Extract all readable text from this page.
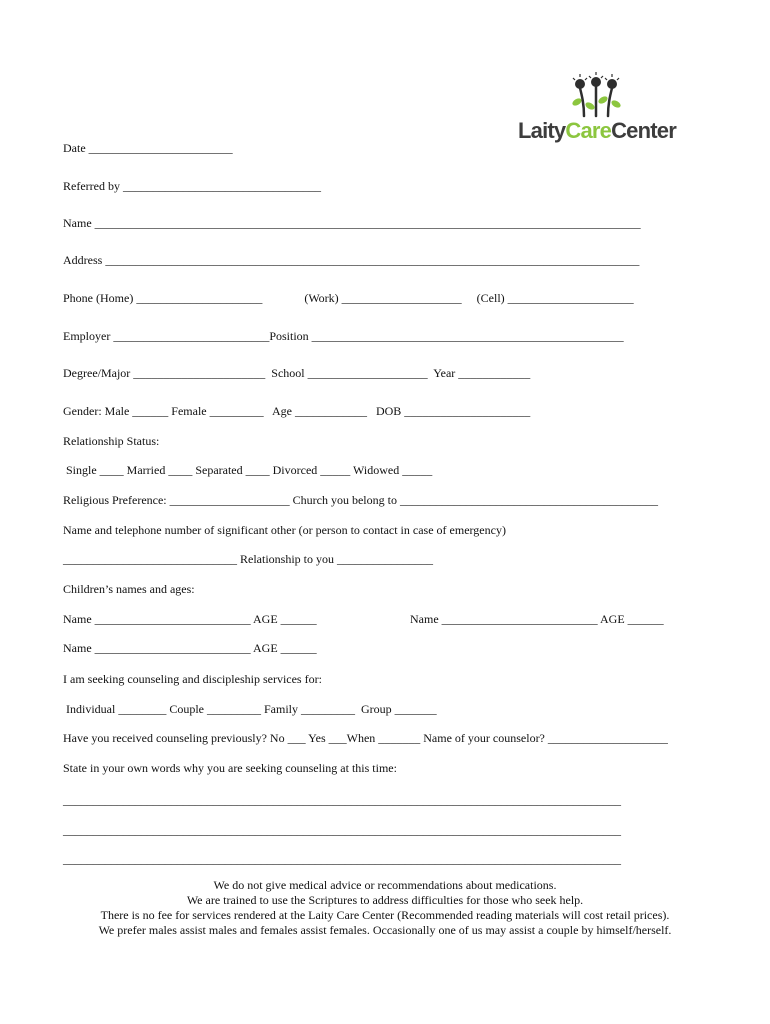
LaityCareCenter
Date ________________________
Referred by _________________________________
Name ___________________________________________________________________________________________
Address _________________________________________________________________________________________
Phone (Home) _____________________              (Work) ____________________     (Cell) _____________________
Employer __________________________Position ____________________________________________________
Degree/Major ______________________  School ____________________  Year ____________
Gender: Male ______ Female _________   Age ____________   DOB _____________________
Relationship Status:
Single ____ Married ____ Separated ____ Divorced _____ Widowed _____
Religious Preference: ____________________ Church you belong to ___________________________________________
Name and telephone number of significant other (or person to contact in case of emergency)
_____________________________ Relationship to you ________________
Children’s names and ages:
Name __________________________ AGE ______	Name __________________________ AGE ______
Name __________________________ AGE ______
I am seeking counseling and discipleship services for:
Individual ________ Couple _________ Family _________  Group _______
Have you received counseling previously? No ___ Yes ___When _______ Name of your counselor? ____________________
State in your own words why you are seeking counseling at this time:
_____________________________________________________________________________________________
_____________________________________________________________________________________________
_____________________________________________________________________________________________
We do not give medical advice or recommendations about medications.
We are trained to use the Scriptures to address difficulties for those who seek help.
There is no fee for services rendered at the Laity Care Center (Recommended reading materials will cost retail prices).
We prefer males assist males and females assist females. Occasionally one of us may assist a couple by himself/herself.
